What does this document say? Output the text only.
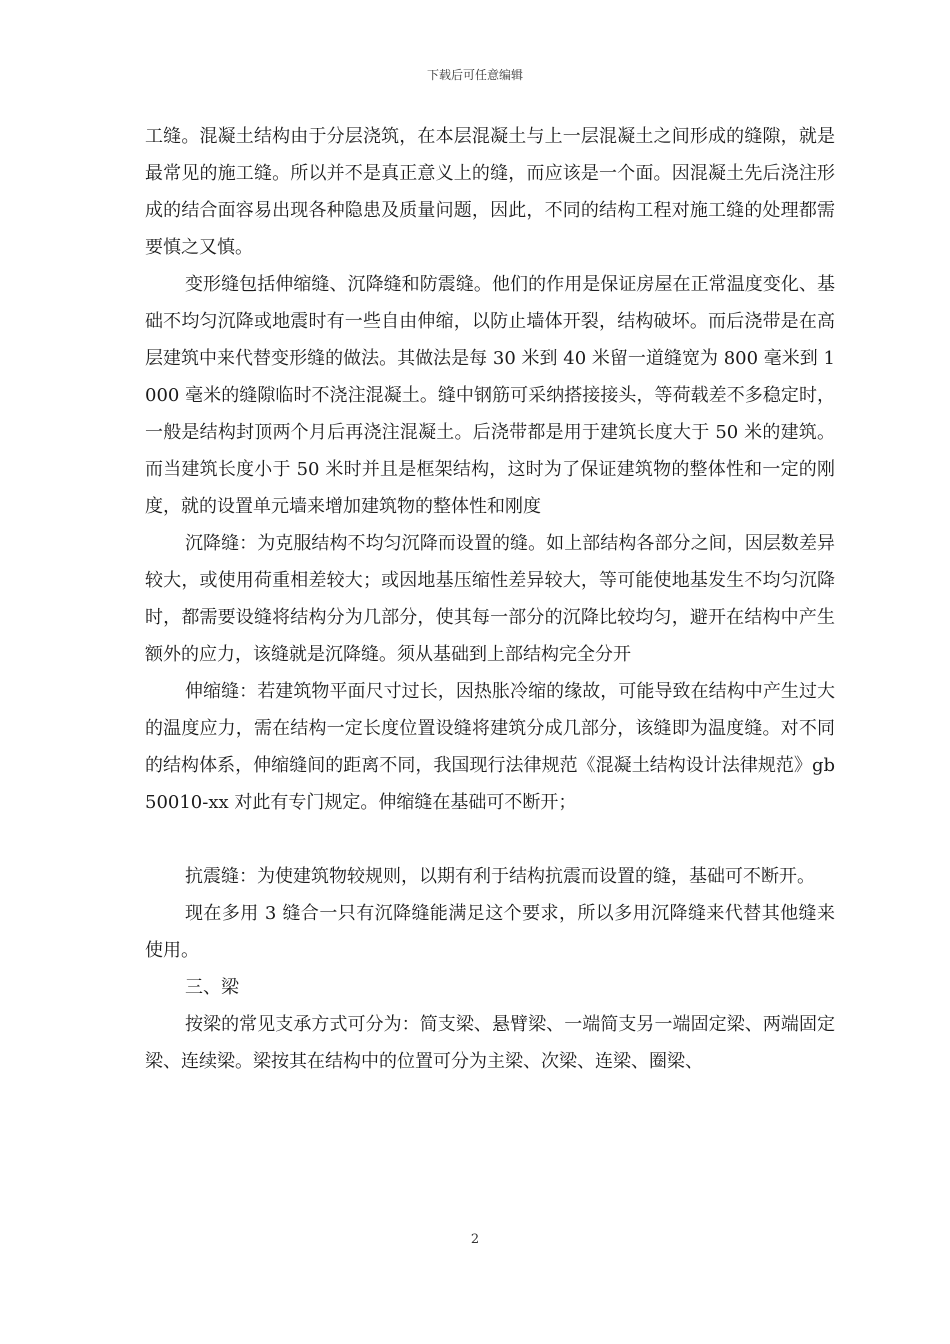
下载后可任意编辑

工缝。混凝土结构由于分层浇筑，在本层混凝土与上一层混凝土之间形成的缝隙，就是最常见的施工缝。所以并不是真正意义上的缝，而应该是一个面。因混凝土先后浇注形成的结合面容易出现各种隐患及质量问题，因此，不同的结构工程对施工缝的处理都需要慎之又慎。

变形缝包括伸缩缝、沉降缝和防震缝。他们的作用是保证房屋在正常温度变化、基础不均匀沉降或地震时有一些自由伸缩，以防止墙体开裂，结构破坏。而后浇带是在高层建筑中来代替变形缝的做法。其做法是每 30 米到 40 米留一道缝宽为 800 毫米到 1000 毫米的缝隙临时不浇注混凝土。缝中钢筋可采纳搭接接头，等荷载差不多稳定时，一般是结构封顶两个月后再浇注混凝土。后浇带都是用于建筑长度大于 50 米的建筑。而当建筑长度小于 50 米时并且是框架结构，这时为了保证建筑物的整体性和一定的刚度，就的设置单元墙来增加建筑物的整体性和刚度

沉降缝：为克服结构不均匀沉降而设置的缝。如上部结构各部分之间，因层数差异较大，或使用荷重相差较大；或因地基压缩性差异较大，等可能使地基发生不均匀沉降时，都需要设缝将结构分为几部分，使其每一部分的沉降比较均匀，避开在结构中产生额外的应力，该缝就是沉降缝。须从基础到上部结构完全分开

伸缩缝：若建筑物平面尺寸过长，因热胀冷缩的缘故，可能导致在结构中产生过大的温度应力，需在结构一定长度位置设缝将建筑分成几部分，该缝即为温度缝。对不同的结构体系，伸缩缝间的距离不同，我国现行法律规范《混凝土结构设计法律规范》gb50010-xx 对此有专门规定。伸缩缝在基础可不断开；

抗震缝：为使建筑物较规则，以期有利于结构抗震而设置的缝，基础可不断开。

现在多用 3 缝合一只有沉降缝能满足这个要求，所以多用沉降缝来代替其他缝来使用。

三、梁

按梁的常见支承方式可分为：简支梁、悬臂梁、一端简支另一端固定梁、两端固定梁、连续梁。梁按其在结构中的位置可分为主梁、次梁、连梁、圈梁、

2
